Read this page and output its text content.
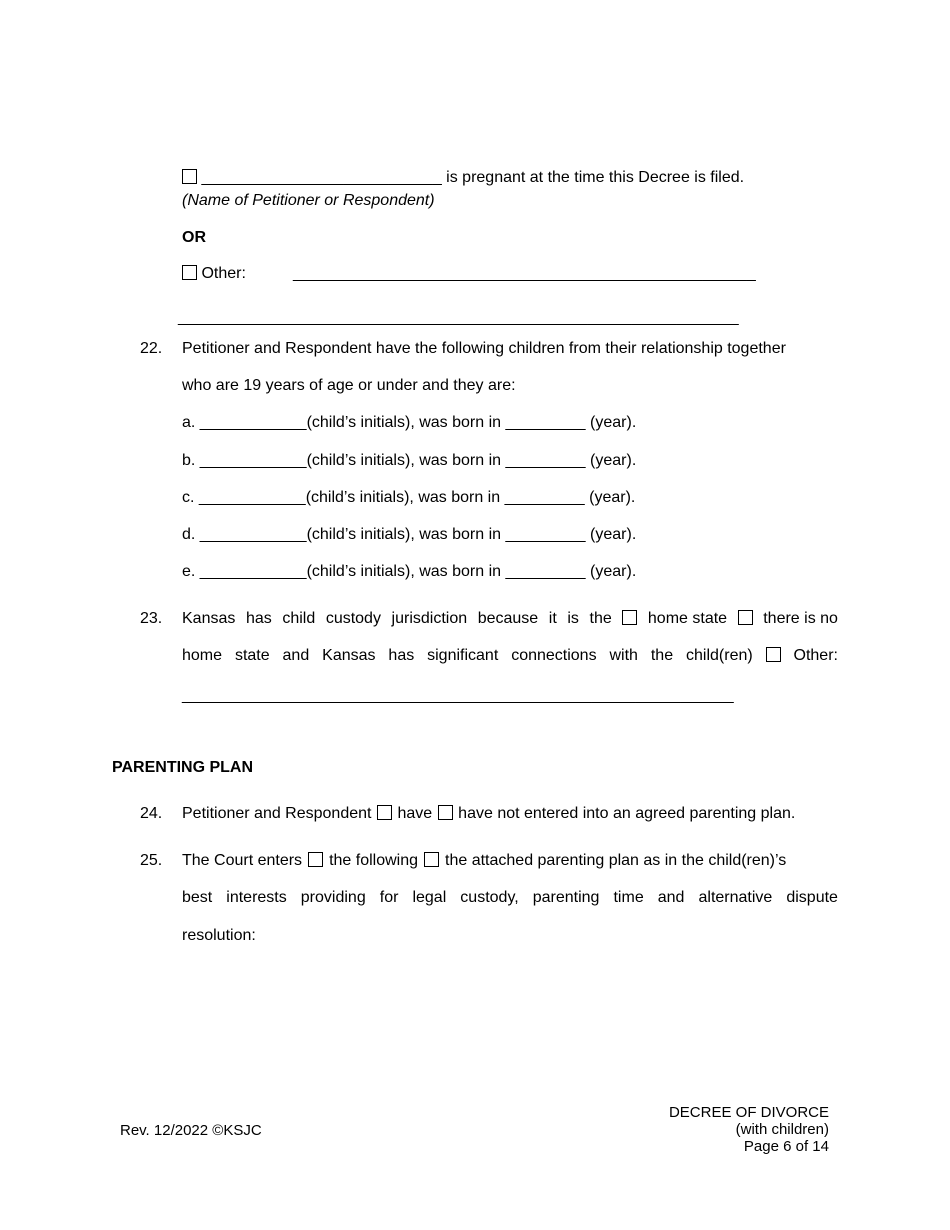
___________________________ is pregnant at the time this Decree is filed.
(Name of Petitioner or Respondent)
OR
Other:	____________________________________________________
_______________________________________________________________
22. Petitioner and Respondent have the following children from their relationship together
who are 19 years of age or under and they are:
a. ____________(child’s initials), was born in _________ (year).
b. ____________(child’s initials), was born in _________ (year).
c. ____________(child’s initials), was born in _________ (year).
d. ____________(child’s initials), was born in _________ (year).
e. ____________(child’s initials), was born in _________ (year).
23. Kansas has child custody jurisdiction because it is the home state there is no
home state and Kansas has significant connections with the child(ren)	Other:
______________________________________________________________
PARENTING PLAN
24. Petitioner and Respondent have have not entered into an agreed parenting plan.
25. The Court enters the following the attached parenting plan as in the child(ren)’s
best interests providing for legal custody, parenting time and alternative dispute
resolution:
Rev. 12/2022 ©KSJC
DECREE OF DIVORCE
(with children)
Page 6 of 14
